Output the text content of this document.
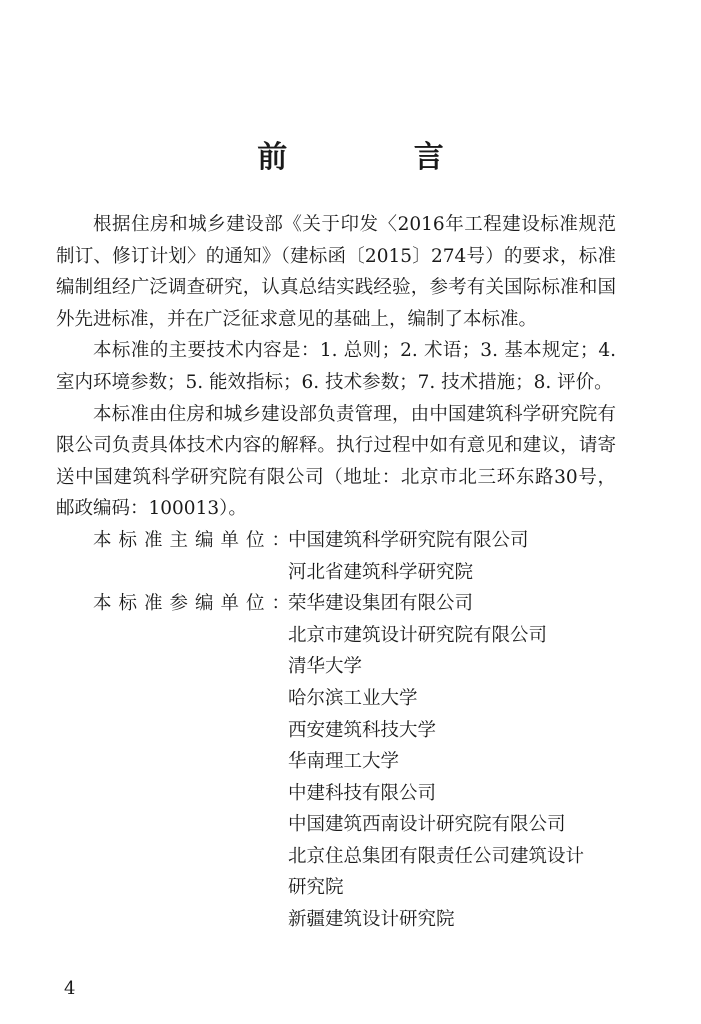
前 言

根据住房和城乡建设部《关于印发〈2016年工程建设标准规范制订、修订计划〉的通知》（建标函〔2015〕274号）的要求，标准编制组经广泛调查研究，认真总结实践经验，参考有关国际标准和国外先进标准，并在广泛征求意见的基础上，编制了本标准。

本标准的主要技术内容是：1. 总则；2. 术语；3. 基本规定；4. 室内环境参数；5. 能效指标；6. 技术参数；7. 技术措施；8. 评价。

本标准由住房和城乡建设部负责管理，由中国建筑科学研究院有限公司负责具体技术内容的解释。执行过程中如有意见和建议，请寄送中国建筑科学研究院有限公司（地址：北京市北三环东路30号，邮政编码：100013）。

本标准主编单位：
中国建筑科学研究院有限公司
河北省建筑科学研究院
本标准参编单位：
荣华建设集团有限公司
北京市建筑设计研究院有限公司
清华大学
哈尔滨工业大学
西安建筑科技大学
华南理工大学
中建科技有限公司
中国建筑西南设计研究院有限公司
北京住总集团有限责任公司建筑设计
研究院
新疆建筑设计研究院
4
